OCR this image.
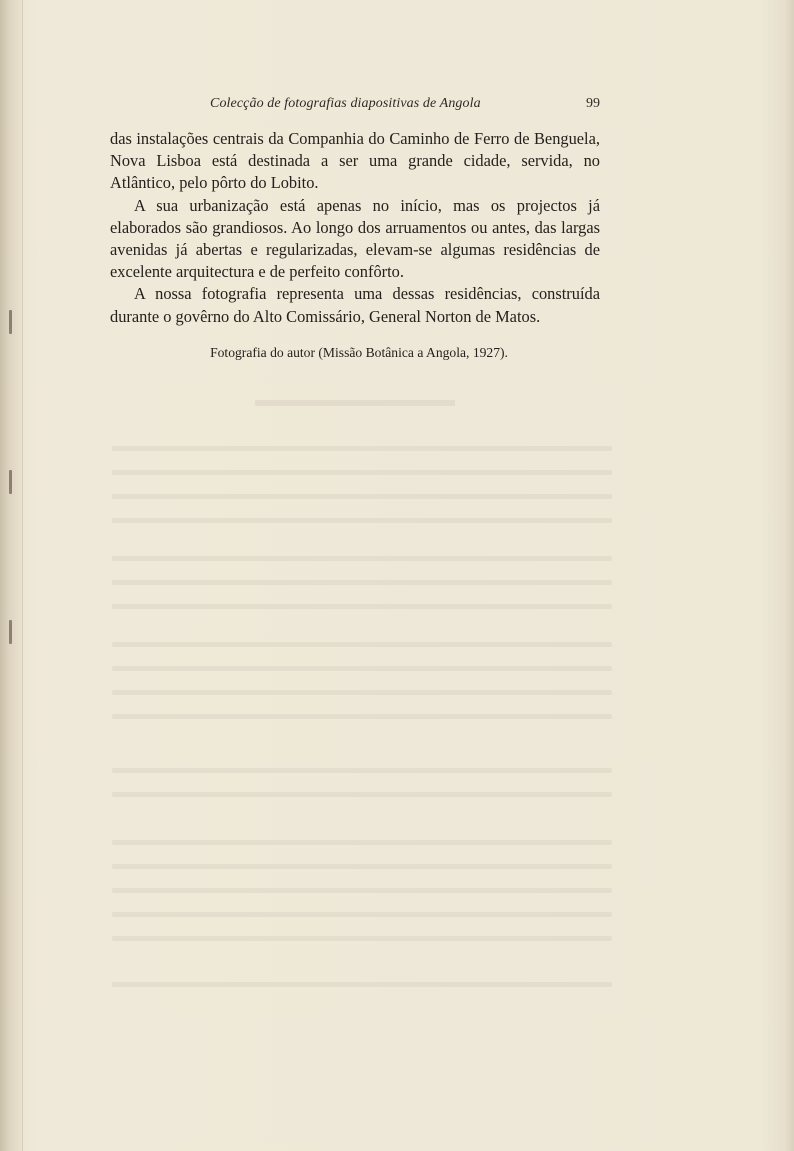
Colecção de fotografias diapositivas de Angola	99

das instalações centrais da Companhia do Caminho de Ferro de Benguela, Nova Lisboa está destinada a ser uma grande cidade, servida, no Atlântico, pelo pôrto do Lobito.

A sua urbanização está apenas no início, mas os projectos já elaborados são grandiosos. Ao longo dos arruamentos ou antes, das largas avenidas já abertas e regularizadas, elevam-se algumas residências de excelente arquitectura e de perfeito confôrto.

A nossa fotografia representa uma dessas residências, construída durante o govêrno do Alto Comissário, General Norton de Matos.

Fotografia do autor (Missão Botânica a Angola, 1927).
